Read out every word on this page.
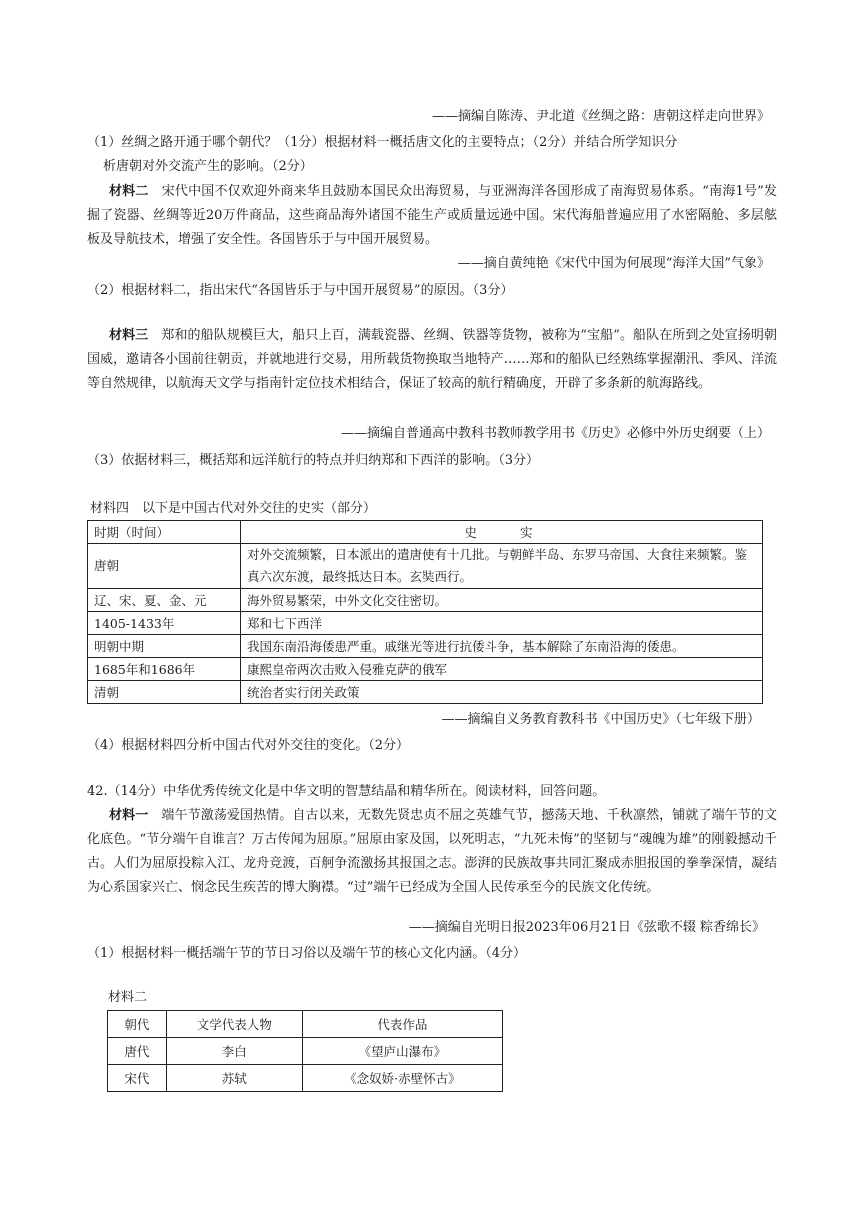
——摘编自陈涛、尹北道《丝绸之路：唐朝这样走向世界》
（1）丝绸之路开通于哪个朝代？（1分）根据材料一概括唐文化的主要特点；（2分）并结合所学知识分
析唐朝对外交流产生的影响。（2分）
材料二　 宋代中国不仅欢迎外商来华且鼓励本国民众出海贸易，与亚洲海洋各国形成了南海贸易体系。“南海1号”发掘了瓷器、丝绸等近20万件商品，这些商品海外诸国不能生产或质量远逊中国。宋代海船普遍应用了水密隔舱、多层舷板及导航技术，增强了安全性。各国皆乐于与中国开展贸易。
——摘自黄纯艳《宋代中国为何展现“海洋大国”气象》
（2）根据材料二，指出宋代“各国皆乐于与中国开展贸易”的原因。（3分）
材料三　 郑和的船队规模巨大，船只上百，满载瓷器、丝绸、铁器等货物，被称为“宝船”。船队在所到之处宣扬明朝国威，邀请各小国前往朝贡，并就地进行交易，用所载货物换取当地特产……郑和的船队已经熟练掌握潮汛、季风、洋流等自然规律，以航海天文学与指南针定位技术相结合，保证了较高的航行精确度，开辟了多条新的航海路线。
——摘编自普通高中教科书教师教学用书《历史》必修中外历史纲要（上）
（3）依据材料三，概括郑和远洋航行的特点并归纳郑和下西洋的影响。（3分）
材料四　以下是中国古代对外交往的史实（部分）
时期（时间）	史　　实
唐朝	对外交流频繁，日本派出的遣唐使有十几批。与朝鲜半岛、东罗马帝国、大食往来频繁。鉴真六次东渡，最终抵达日本。玄奘西行。
辽、宋、夏、金、元	海外贸易繁荣，中外文化交往密切。
1405-1433年	郑和七下西洋
明朝中期	我国东南沿海倭患严重。戚继光等进行抗倭斗争，基本解除了东南沿海的倭患。
1685年和1686年	康熙皇帝两次击败入侵雅克萨的俄军
清朝	统治者实行闭关政策
——摘编自义务教育教科书《中国历史》（七年级下册）
（4）根据材料四分析中国古代对外交往的变化。（2分）
42.（14分）中华优秀传统文化是中华文明的智慧结晶和精华所在。阅读材料，回答问题。
材料一　 端午节激荡爱国热情。自古以来，无数先贤忠贞不屈之英雄气节，撼荡天地、千秋凛然，铺就了端午节的文化底色。“节分端午自谁言？万古传闻为屈原。”屈原由家及国，以死明志，“九死未悔”的坚韧与“魂魄为雄”的刚毅撼动千古。人们为屈原投粽入江、龙舟竞渡，百舸争流激扬其报国之志。澎湃的民族故事共同汇聚成赤胆报国的拳拳深情，凝结为心系国家兴亡、悯念民生疾苦的博大胸襟。“过”端午已经成为全国人民传承至今的民族文化传统。
——摘编自光明日报2023年06月21日《弦歌不辍 粽香绵长》
（1）根据材料一概括端午节的节日习俗以及端午节的核心文化内涵。（4分）
材料二
朝代	文学代表人物	代表作品
唐代	李白	《望庐山瀑布》
宋代	苏轼	《念奴娇·赤壁怀古》
